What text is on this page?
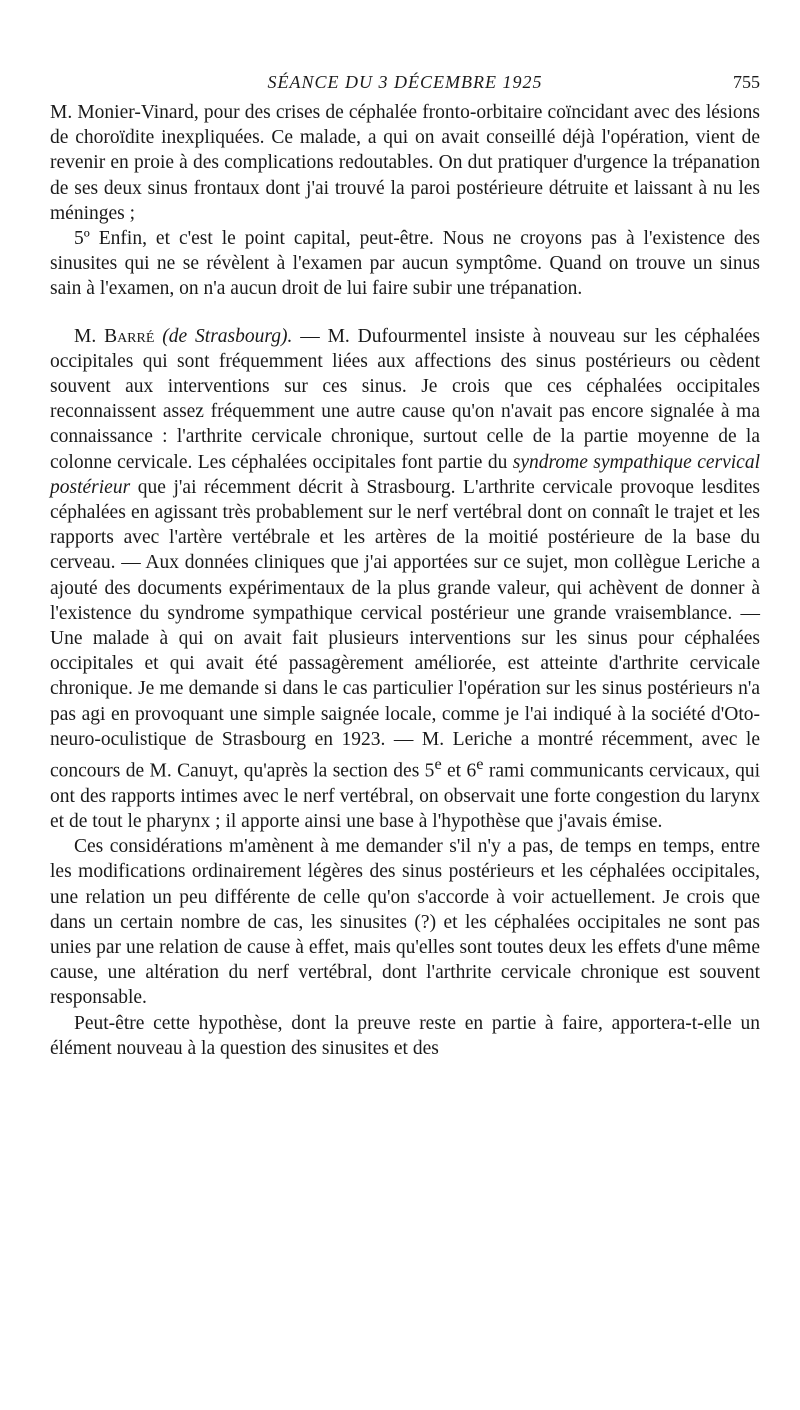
SÉANCE DU 3 DÉCEMBRE 1925	755

M. Monier-Vinard, pour des crises de céphalée fronto-orbitaire coïncidant avec des lésions de choroïdite inexpliquées. Ce malade, a qui on avait conseillé déjà l'opération, vient de revenir en proie à des complications redoutables. On dut pratiquer d'urgence la trépanation de ses deux sinus frontaux dont j'ai trouvé la paroi postérieure détruite et laissant à nu les méninges ;

5º Enfin, et c'est le point capital, peut-être. Nous ne croyons pas à l'existence des sinusites qui ne se révèlent à l'examen par aucun symptôme. Quand on trouve un sinus sain à l'examen, on n'a aucun droit de lui faire subir une trépanation.

M. Barré (de Strasbourg). — M. Dufourmentel insiste à nouveau sur les céphalées occipitales qui sont fréquemment liées aux affections des sinus postérieurs ou cèdent souvent aux interventions sur ces sinus. Je crois que ces céphalées occipitales reconnaissent assez fréquemment une autre cause qu'on n'avait pas encore signalée à ma connaissance : l'arthrite cervicale chronique, surtout celle de la partie moyenne de la colonne cervicale. Les céphalées occipitales font partie du syndrome sympathique cervical postérieur que j'ai récemment décrit à Strasbourg. L'arthrite cervicale provoque lesdites céphalées en agissant très probablement sur le nerf vertébral dont on connaît le trajet et les rapports avec l'artère vertébrale et les artères de la moitié postérieure de la base du cerveau. — Aux données cliniques que j'ai apportées sur ce sujet, mon collègue Leriche a ajouté des documents expérimentaux de la plus grande valeur, qui achèvent de donner à l'existence du syndrome sympathique cervical postérieur une grande vraisemblance. — Une malade à qui on avait fait plusieurs interventions sur les sinus pour céphalées occipitales et qui avait été passagèrement améliorée, est atteinte d'arthrite cervicale chronique. Je me demande si dans le cas particulier l'opération sur les sinus postérieurs n'a pas agi en provoquant une simple saignée locale, comme je l'ai indiqué à la société d'Oto-neuro-oculistique de Strasbourg en 1923. — M. Leriche a montré récemment, avec le concours de M. Canuyt, qu'après la section des 5e et 6e rami communicants cervicaux, qui ont des rapports intimes avec le nerf vertébral, on observait une forte congestion du larynx et de tout le pharynx ; il apporte ainsi une base à l'hypothèse que j'avais émise.

Ces considérations m'amènent à me demander s'il n'y a pas, de temps en temps, entre les modifications ordinairement légères des sinus postérieurs et les céphalées occipitales, une relation un peu différente de celle qu'on s'accorde à voir actuellement. Je crois que dans un certain nombre de cas, les sinusites (?) et les céphalées occipitales ne sont pas unies par une relation de cause à effet, mais qu'elles sont toutes deux les effets d'une même cause, une altération du nerf vertébral, dont l'arthrite cervicale chronique est souvent responsable.

Peut-être cette hypothèse, dont la preuve reste en partie à faire, apportera-t-elle un élément nouveau à la question des sinusites et des
